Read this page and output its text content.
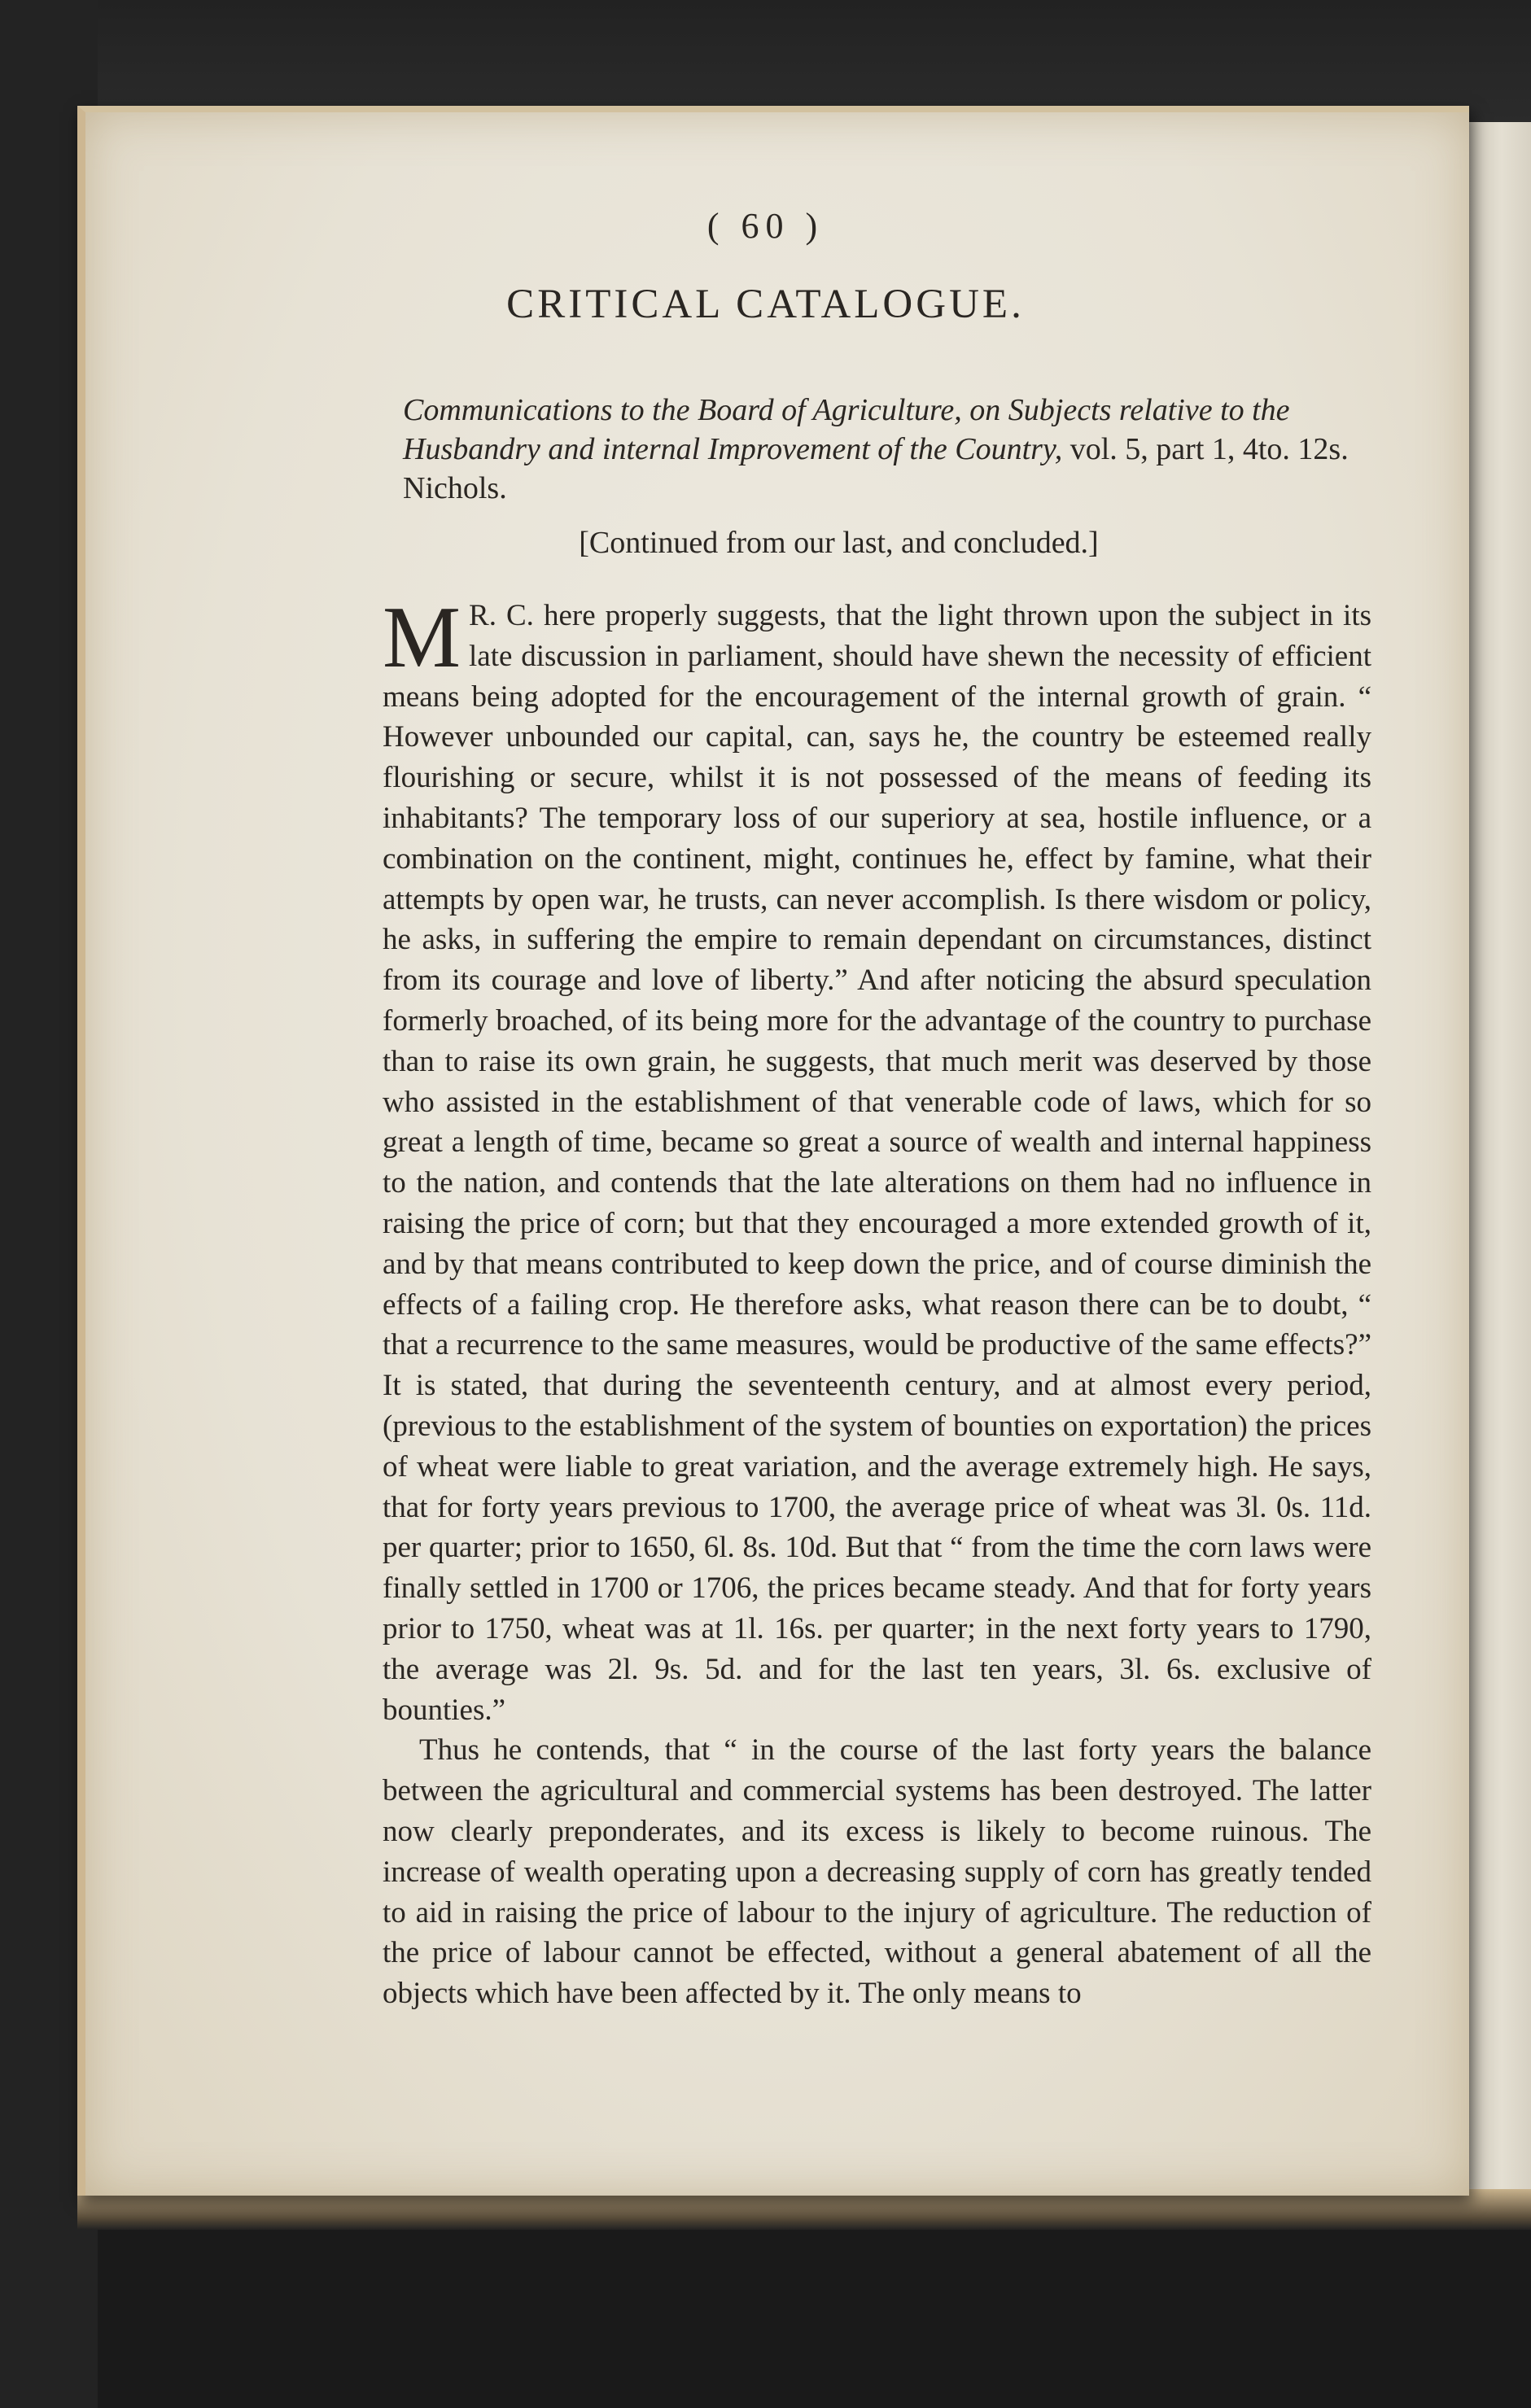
( 60 )
CRITICAL CATALOGUE.
Communications to the Board of Agriculture, on Subjects relative to the Husbandry and internal Improvement of the Country, vol. 5, part 1, 4to. 12s. Nichols.
[Continued from our last, and concluded.]

M R. C. here properly suggests, that the light thrown upon the subject in its late discussion in parliament, should have shewn the necessity of efficient means being adopted for the encouragement of the internal growth of grain. “ However unbounded our capital, can, says he, the country be esteemed really flourishing or secure, whilst it is not possessed of the means of feeding its inhabitants? The temporary loss of our superiory at sea, hostile influence, or a combination on the continent, might, continues he, effect by famine, what their attempts by open war, he trusts, can never accomplish. Is there wisdom or policy, he asks, in suffering the empire to remain dependant on circumstances, distinct from its courage and love of liberty.” And after noticing the absurd speculation formerly broached, of its being more for the advantage of the country to purchase than to raise its own grain, he suggests, that much merit was deserved by those who assisted in the establishment of that venerable code of laws, which for so great a length of time, became so great a source of wealth and internal happiness to the nation, and contends that the late alterations on them had no influence in raising the price of corn; but that they encouraged a more extended growth of it, and by that means contributed to keep down the price, and of course diminish the effects of a failing crop. He therefore asks, what reason there can be to doubt, “ that a recurrence to the same measures, would be productive of the same effects?” It is stated, that during the seventeenth century, and at almost every period, (previous to the establishment of the system of bounties on exportation) the prices of wheat were liable to great variation, and the average extremely high. He says, that for forty years previous to 1700, the average price of wheat was 3l. 0s. 11d. per quarter; prior to 1650, 6l. 8s. 10d. But that “ from the time the corn laws were finally settled in 1700 or 1706, the prices became steady. And that for forty years prior to 1750, wheat was at 1l. 16s. per quarter; in the next forty years to 1790, the average was 2l. 9s. 5d. and for the last ten years, 3l. 6s. exclusive of bounties.”

Thus he contends, that “ in the course of the last forty years the balance between the agricultural and commercial systems has been destroyed. The latter now clearly preponderates, and its excess is likely to become ruinous. The increase of wealth operating upon a decreasing supply of corn has greatly tended to aid in raising the price of labour to the injury of agriculture. The reduction of the price of labour cannot be effected, without a general abatement of all the objects which have been affected by it. The only means to
